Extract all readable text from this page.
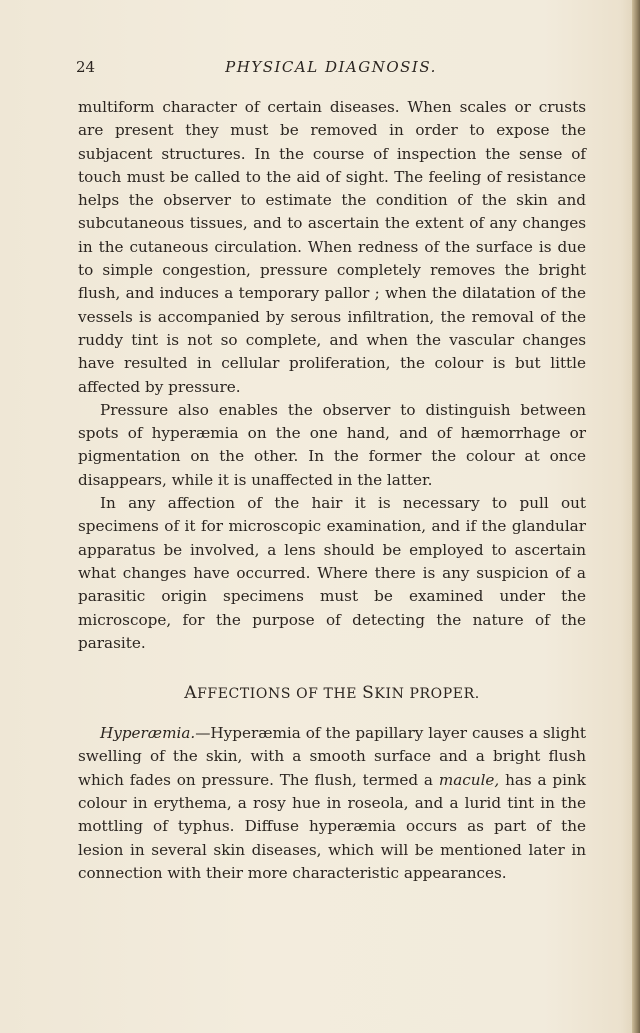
24	PHYSICAL DIAGNOSIS.

multiform character of certain diseases. When scales or crusts are present they must be removed in order to expose the subjacent structures. In the course of inspection the sense of touch must be called to the aid of sight. The feeling of resistance helps the observer to estimate the condition of the skin and subcutaneous tissues, and to ascertain the extent of any changes in the cutaneous circulation. When redness of the surface is due to simple congestion, pressure completely removes the bright flush, and induces a temporary pallor ; when the dilatation of the vessels is accompanied by serous infiltration, the removal of the ruddy tint is not so complete, and when the vascular changes have resulted in cellular proliferation, the colour is but little affected by pressure.

Pressure also enables the observer to distinguish between spots of hyperæmia on the one hand, and of hæmorrhage or pigmentation on the other. In the former the colour at once disappears, while it is unaffected in the latter.

In any affection of the hair it is necessary to pull out specimens of it for microscopic examination, and if the glandular apparatus be involved, a lens should be employed to ascertain what changes have occurred. Where there is any suspicion of a parasitic origin specimens must be examined under the microscope, for the purpose of detecting the nature of the parasite.

AFFECTIONS OF THE SKIN PROPER.

Hyperæmia.—Hyperæmia of the papillary layer causes a slight swelling of the skin, with a smooth surface and a bright flush which fades on pressure. The flush, termed a macule, has a pink colour in erythema, a rosy hue in roseola, and a lurid tint in the mottling of typhus. Diffuse hyperæmia occurs as part of the lesion in several skin diseases, which will be mentioned later in connection with their more characteristic appearances.
